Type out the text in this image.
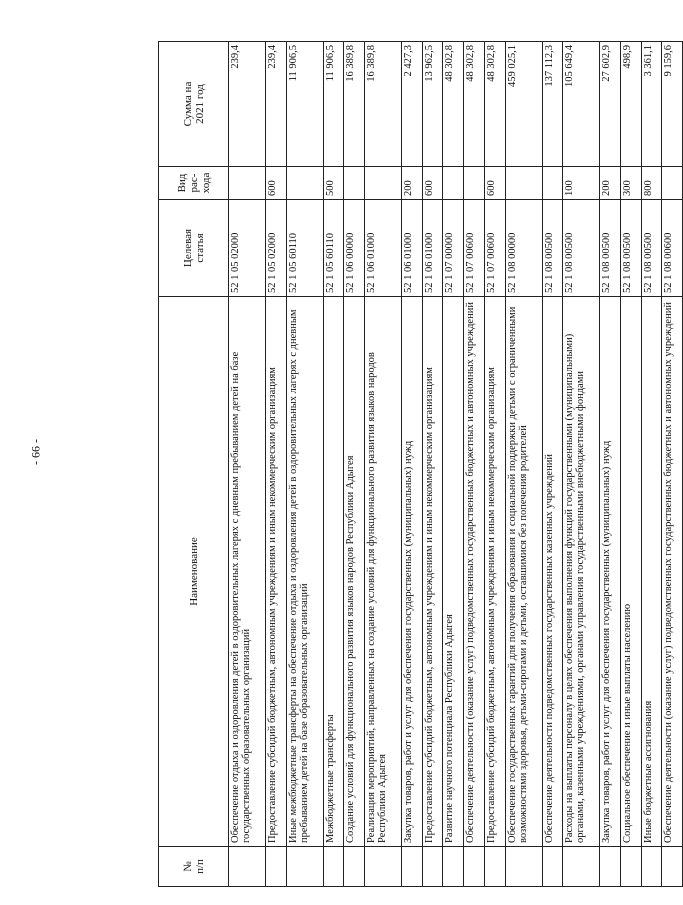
- 66 -
№
п/п	Наименование	Целевая
статья	Вид
рас-
хода	Сумма на
2021 год
	Обеспечение отдыха и оздоровления детей в оздоровительных лагерях с дневным пребыванием детей на базе государственных образовательных организаций	52 1 05 02000		239,4
	Предоставление субсидий бюджетным, автономным учреждениям и иным некоммерческим организациям	52 1 05 02000	600	239,4
	Иные межбюджетные трансферты на обеспечение отдыха и оздоровления детей в оздоровительных лагерях с дневным пребыванием детей на базе образовательных организаций	52 1 05 60110		11 906,5
	Межбюджетные трансферты	52 1 05 60110	500	11 906,5
	Создание условий для функционального развития языков народов Республики Адыгея	52 1 06 00000		16 389,8
	Реализация мероприятий, направленных на создание условий для функционального развития языков народов Республики Адыгея	52 1 06 01000		16 389,8
	Закупка товаров, работ и услуг для обеспечения государственных (муниципальных) нужд	52 1 06 01000	200	2 427,3
	Предоставление субсидий бюджетным, автономным учреждениям и иным некоммерческим организациям	52 1 06 01000	600	13 962,5
	Развитие научного потенциала Республики Адыгея	52 1 07 00000		48 302,8
	Обеспечение деятельности (оказание услуг) подведомственных государственных бюджетных и автономных учреждений	52 1 07 00600		48 302,8
	Предоставление субсидий бюджетным, автономным учреждениям и иным некоммерческим организациям	52 1 07 00600	600	48 302,8
	Обеспечение государственных гарантий для получения образования и социальной поддержки детьми с ограниченными возможностями здоровья, детьми-сиротами и детьми, оставшимися без попечения родителей	52 1 08 00000		459 025,1
	Обеспечение деятельности подведомственных государственных казенных учреждений	52 1 08 00500		137 112,3
	Расходы на выплаты персоналу в целях обеспечения выполнения функций государственными (муниципальными) органами, казенными учреждениями, органами управления государственными внебюджетными фондами	52 1 08 00500	100	105 649,4
	Закупка товаров, работ и услуг для обеспечения государственных (муниципальных) нужд	52 1 08 00500	200	27 602,9
	Социальное обеспечение и иные выплаты населению	52 1 08 00500	300	498,9
	Иные бюджетные ассигнования	52 1 08 00500	800	3 361,1
	Обеспечение деятельности (оказание услуг) подведомственных государственных бюджетных и автономных учреждений	52 1 08 00600		9 159,6
